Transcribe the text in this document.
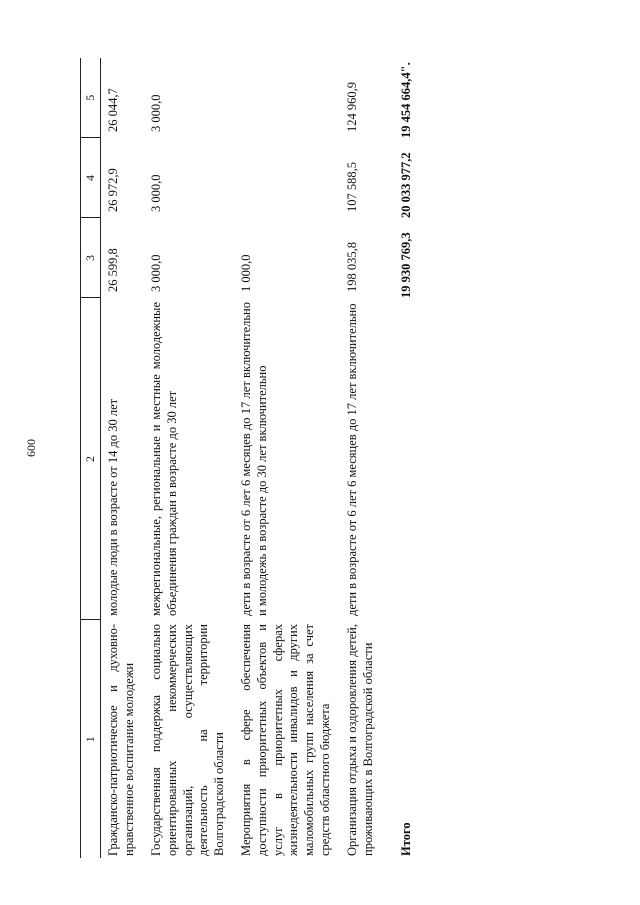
600
1	2	3	4	5
Гражданско-патриотическое и духовно-нравственное воспитание молодежи	молодые люди в возрасте от 14 до 30 лет	26 599,8	26 972,9	26 044,7
Государственная поддержка социально ориентированных некоммерческих организаций, осуществляющих деятельность на территории Волгоградской области	межрегиональные, региональные и местные молодежные объединения граждан в возрасте до 30 лет	3 000,0	3 000,0	3 000,0
Мероприятия в сфере обеспечения доступности приоритетных объектов и услуг в приоритетных сферах жизнедеятельности инвалидов и других маломобильных групп населения за счет средств областного бюджета	дети в возрасте от 6 лет 6 месяцев до 17 лет включительно и молодежь в возрасте до 30 лет включительно	1 000,0		
Организация отдыха и оздоровления детей, проживающих в Волгоградской области	дети в возрасте от 6 лет 6 месяцев до 17 лет включительно	198 035,8	107 588,5	124 960,9
Итого		19 930 769,3	20 033 977,2	19 454 664,4".
